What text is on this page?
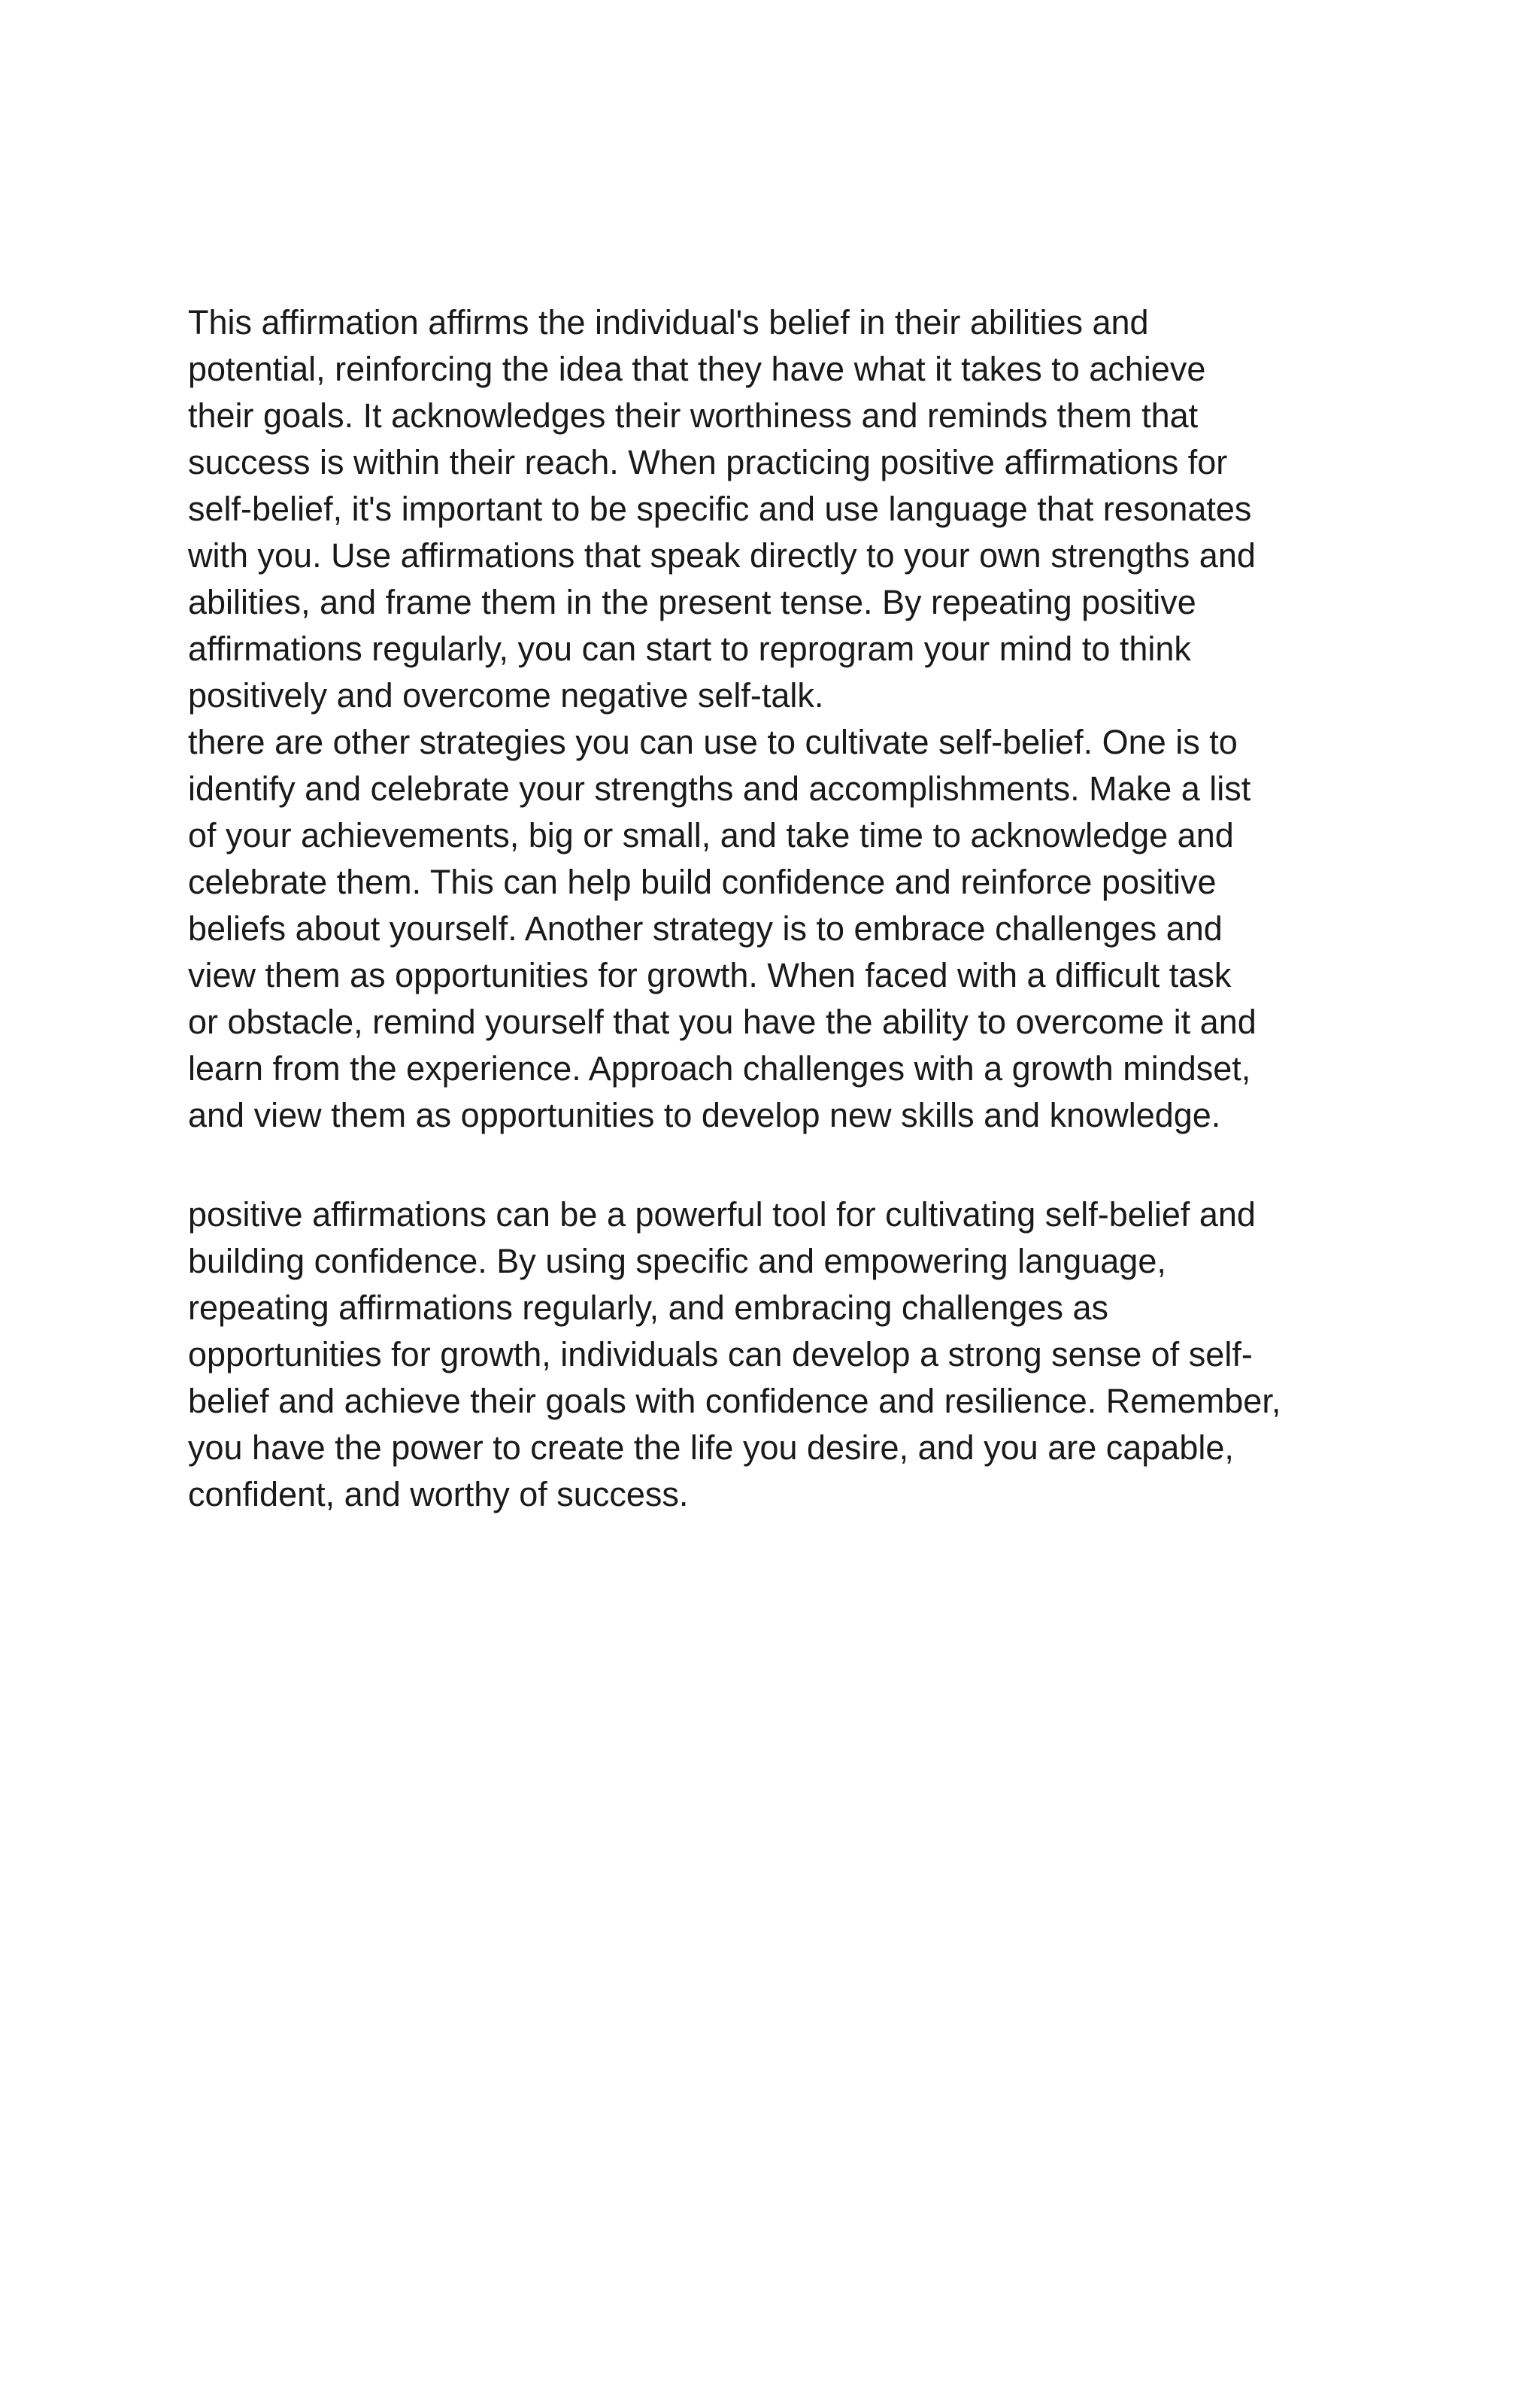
This affirmation affirms the individual's belief in their abilities and
potential, reinforcing the idea that they have what it takes to achieve
their goals. It acknowledges their worthiness and reminds them that
success is within their reach. When practicing positive affirmations for
self-belief, it's important to be specific and use language that resonates
with you. Use affirmations that speak directly to your own strengths and
abilities, and frame them in the present tense. By repeating positive
affirmations regularly, you can start to reprogram your mind to think
positively and overcome negative self-talk.
there are other strategies you can use to cultivate self-belief. One is to
identify and celebrate your strengths and accomplishments. Make a list
of your achievements, big or small, and take time to acknowledge and
celebrate them. This can help build confidence and reinforce positive
beliefs about yourself. Another strategy is to embrace challenges and
view them as opportunities for growth. When faced with a difficult task
or obstacle, remind yourself that you have the ability to overcome it and
learn from the experience. Approach challenges with a growth mindset,
and view them as opportunities to develop new skills and knowledge.

positive affirmations can be a powerful tool for cultivating self-belief and
building confidence. By using specific and empowering language,
repeating affirmations regularly, and embracing challenges as
opportunities for growth, individuals can develop a strong sense of self-
belief and achieve their goals with confidence and resilience. Remember,
you have the power to create the life you desire, and you are capable,
confident, and worthy of success.
